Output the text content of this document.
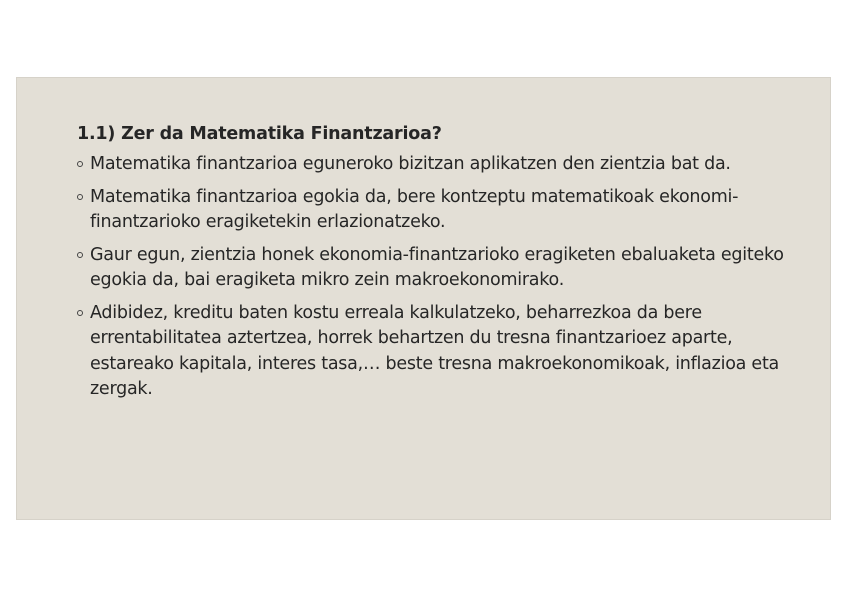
1.1) Zer da Matematika Finantzarioa?
Matematika finantzarioa eguneroko bizitzan aplikatzen den zientzia bat da.
Matematika finantzarioa egokia da, bere kontzeptu matematikoak ekonomi-finantzarioko eragiketekin erlazionatzeko.
Gaur egun, zientzia honek ekonomia-finantzarioko eragiketen ebaluaketa egiteko egokia da, bai eragiketa mikro zein makroekonomirako.
Adibidez, kreditu baten kostu erreala kalkulatzeko, beharrezkoa da bere errentabilitatea aztertzea, horrek behartzen du tresna finantzarioez aparte, estareako kapitala, interes tasa,… beste tresna makroekonomikoak, inflazioa eta zergak.
